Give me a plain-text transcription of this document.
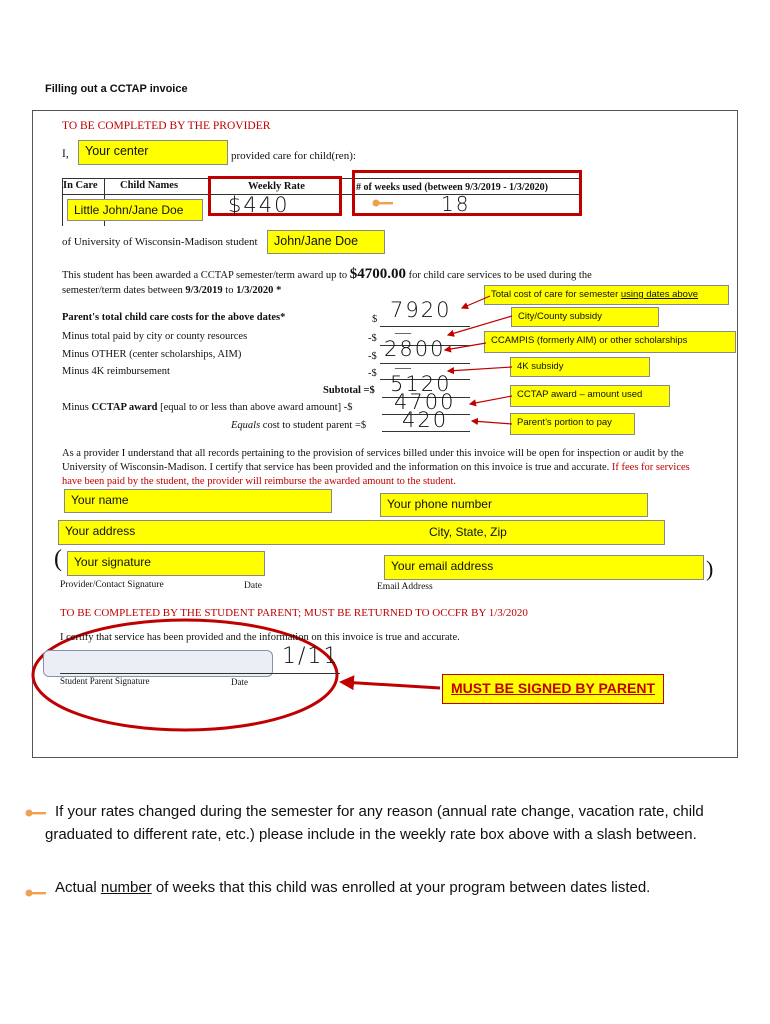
Filling out a CCTAP invoice
TO BE COMPLETED BY THE PROVIDER
I,	Your center	provided care for child(ren):
In Care Child Names	Weekly Rate	# of weeks used (between 9/3/2019 - 1/3/2020)
Little John/Jane Doe	$440	18
of University of Wisconsin-Madison student	John/Jane Doe
This student has been awarded a CCTAP semester/term award up to $4700.00 for child care services to be used during the
semester/term dates between 9/3/2019 to 1/3/2020 *
Parent's total child care costs for the above dates*	$ 7920
Minus total paid by city or county resources	-$ —
Minus OTHER (center scholarships, AIM)	-$ 2800
Minus 4K reimbursement	-$ —
Subtotal =$ 5120
Minus CCTAP award [equal to or less than above award amount] -$ 4700
Equals cost to student parent =$ 420
Total cost of care for semester using dates above
City/County subsidy
CCAMPIS (formerly AIM) or other scholarships
4K subsidy
CCTAP award – amount used
Parent’s portion to pay
As a provider I understand that all records pertaining to the provision of services billed under this invoice will be open for inspection or audit by the University of Wisconsin-Madison. I certify that service has been provided and the information on this invoice is true and accurate. If fees for services have been paid by the student, the provider will reimburse the awarded amount to the student.
Your name	Your phone number
Your address	City, State, Zip
Your signature	Your email address
(	)
Provider/Contact Signature	Date	Email Address
TO BE COMPLETED BY THE STUDENT PARENT; MUST BE RETURNED TO OCCFR BY 1/3/2020
I certify that service has been provided and the information on this invoice is true and accurate.
1/11
Student Parent Signature	Date	MUST BE SIGNED BY PARENT
If your rates changed during the semester for any reason (annual rate change, vacation rate, child graduated to different rate, etc.) please include in the weekly rate box above with a slash between.
Actual number of weeks that this child was enrolled at your program between dates listed.
